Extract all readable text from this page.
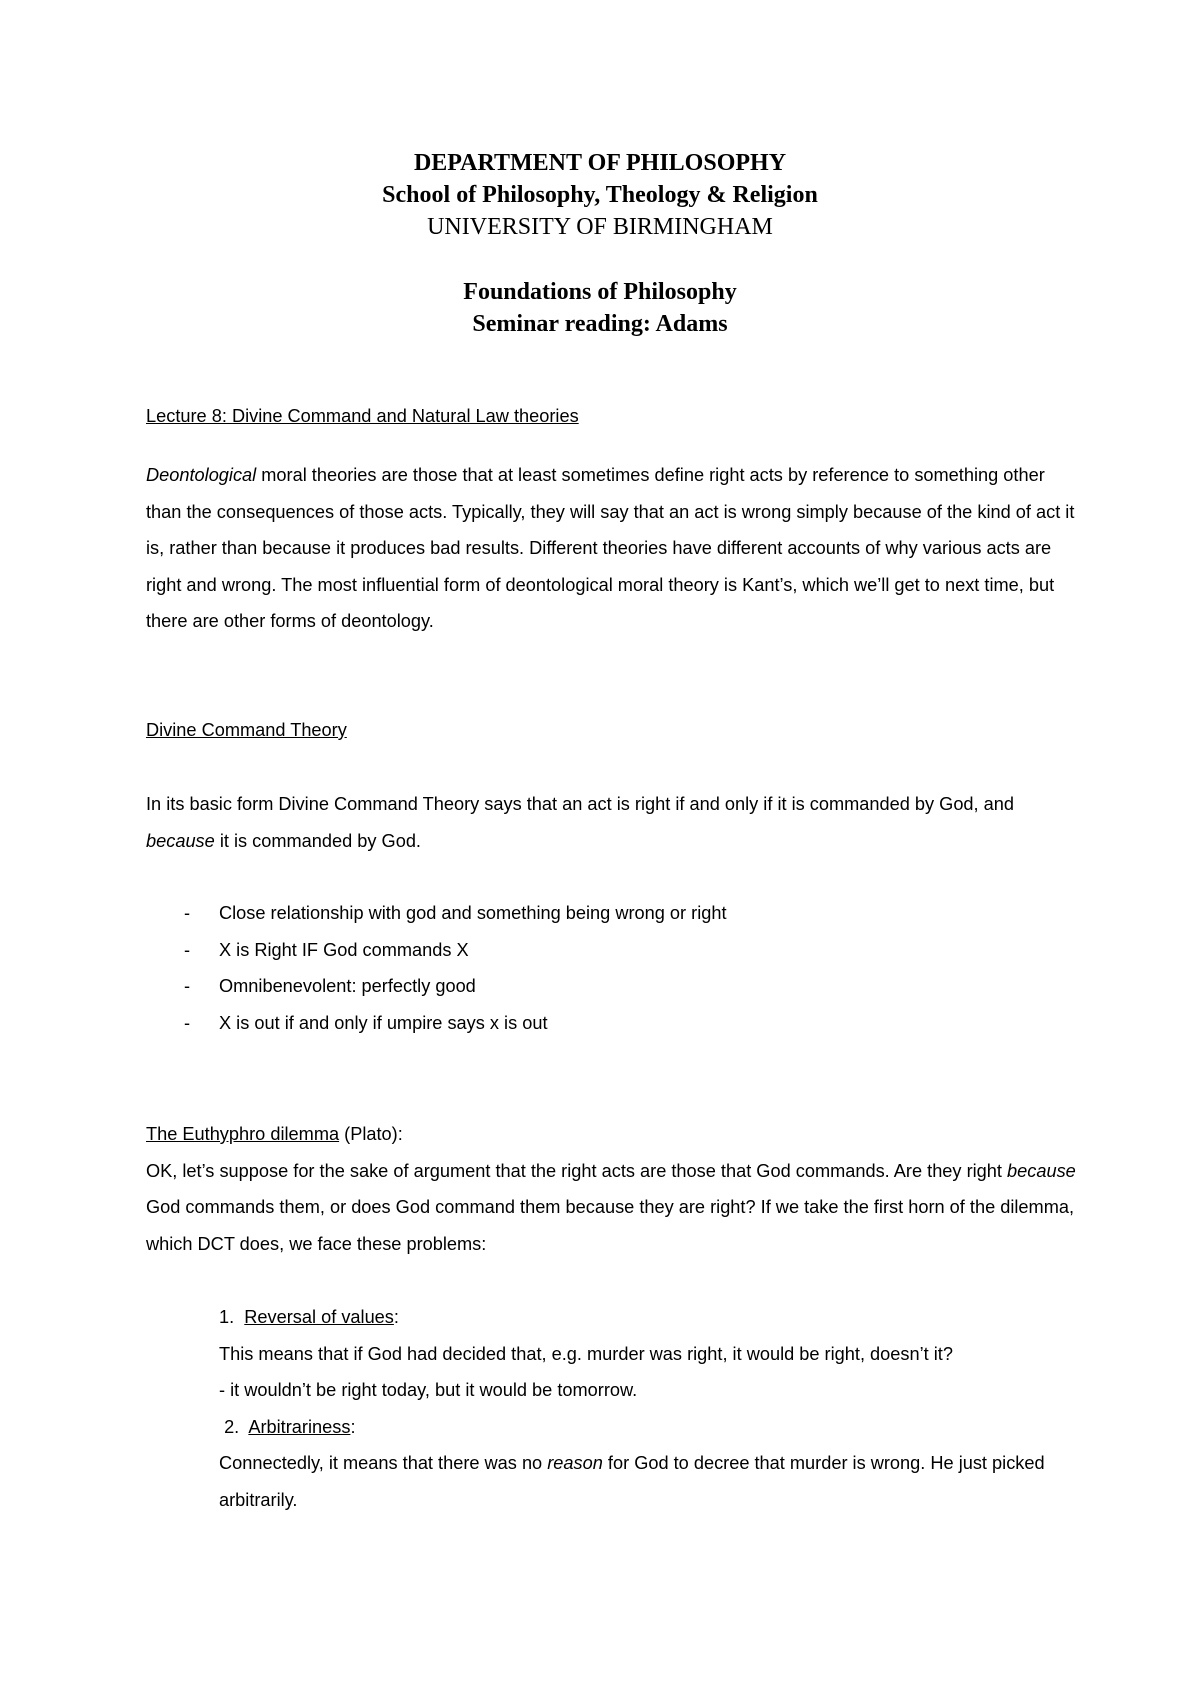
DEPARTMENT OF PHILOSOPHY
School of Philosophy, Theology & Religion
UNIVERSITY OF BIRMINGHAM
Foundations of Philosophy
Seminar reading: Adams
Lecture 8: Divine Command and Natural Law theories

Deontological moral theories are those that at least sometimes define right acts by reference to something other than the consequences of those acts. Typically, they will say that an act is wrong simply because of the kind of act it is, rather than because it produces bad results. Different theories have different accounts of why various acts are right and wrong. The most influential form of deontological moral theory is Kant’s, which we’ll get to next time, but there are other forms of deontology.

Divine Command Theory

In its basic form Divine Command Theory says that an act is right if and only if it is commanded by God, and because it is commanded by God.

- Close relationship with god and something being wrong or right
- X is Right IF God commands X
- Omnibenevolent: perfectly good
- X is out if and only if umpire says x is out

The Euthyphro dilemma (Plato):

OK, let’s suppose for the sake of argument that the right acts are those that God commands. Are they right because God commands them, or does God command them because they are right? If we take the first horn of the dilemma, which DCT does, we face these problems:

1. Reversal of values:
This means that if God had decided that, e.g. murder was right, it would be right, doesn’t it?
- it wouldn’t be right today, but it would be tomorrow.
2. Arbitrariness:

Connectedly, it means that there was no reason for God to decree that murder is wrong. He just picked arbitrarily.
